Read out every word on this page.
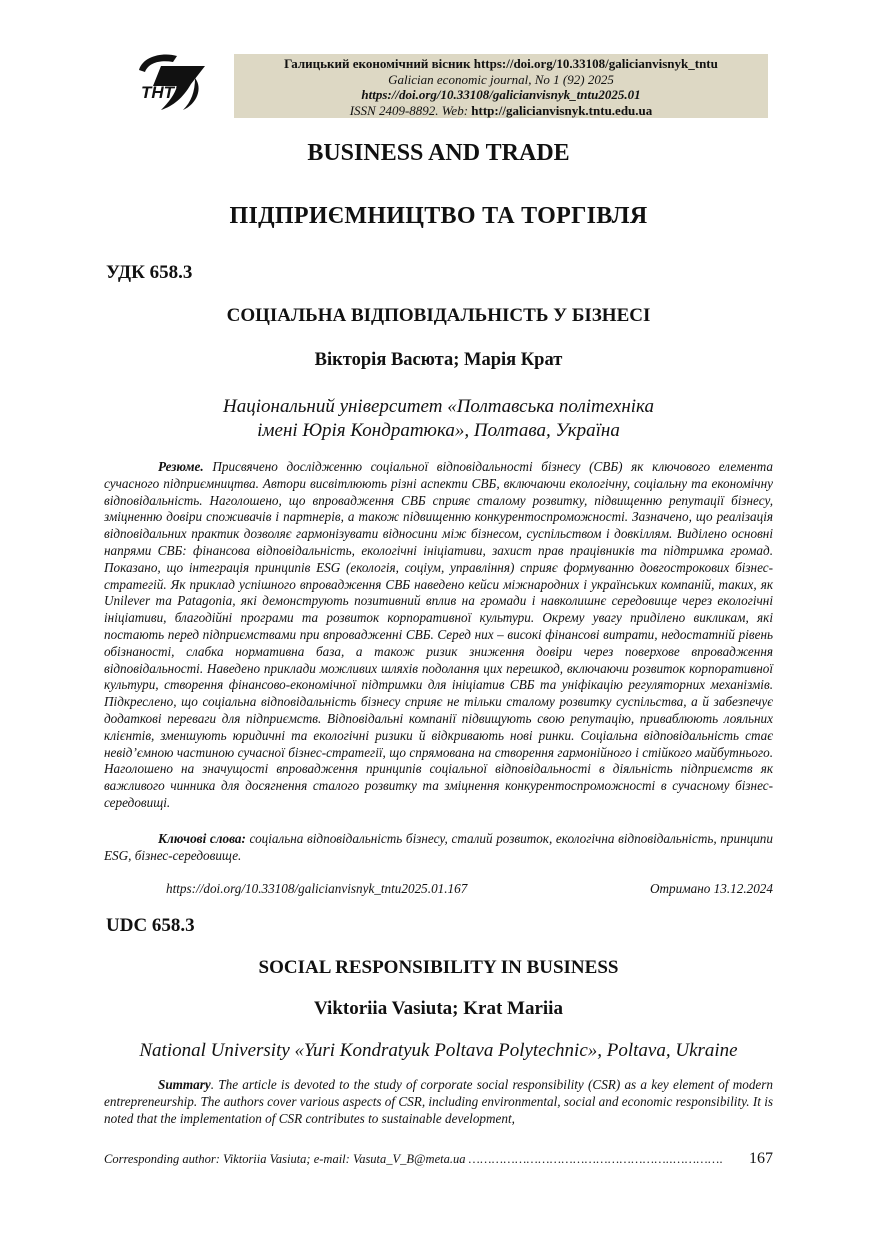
ТНТУ
Галицький економічний вісник https://doi.org/10.33108/galicianvisnyk_tntu
Galician economic journal, No 1 (92) 2025
https://doi.org/10.33108/galicianvisnyk_tntu2025.01
ISSN 2409-8892. Web: http://galicianvisnyk.tntu.edu.ua
BUSINESS AND TRADE
ПІДПРИЄМНИЦТВО ТА ТОРГІВЛЯ
УДК 658.3
СОЦІАЛЬНА ВІДПОВІДАЛЬНІСТЬ У БІЗНЕСІ
Вікторія Васюта; Марія Крат
Національний університет «Полтавська політехніка
імені Юрія Кондратюка», Полтава, Україна
Резюме. Присвячено дослідженню соціальної відповідальності бізнесу (СВБ) як ключового елемента сучасного підприємництва. Автори висвітлюють різні аспекти СВБ, включаючи екологічну, соціальну та економічну відповідальність. Наголошено, що впровадження СВБ сприяє сталому розвитку, підвищенню репутації бізнесу, зміцненню довіри споживачів і партнерів, а також підвищенню конкурентоспроможності. Зазначено, що реалізація відповідальних практик дозволяє гармонізувати відносини між бізнесом, суспільством і довкіллям. Виділено основні напрями СВБ: фінансова відповідальність, екологічні ініціативи, захист прав працівників та підтримка громад. Показано, що інтеграція принципів ESG (екологія, соціум, управління) сприяє формуванню довгострокових бізнес-стратегій. Як приклад успішного впровадження СВБ наведено кейси міжнародних і українських компаній, таких, як Unilever та Patagonia, які демонструють позитивний вплив на громади і навколишнє середовище через екологічні ініціативи, благодійні програми та розвиток корпоративної культури. Окрему увагу приділено викликам, які постають перед підприємствами при впровадженні СВБ. Серед них – високі фінансові витрати, недостатній рівень обізнаності, слабка нормативна база, а також ризик зниження довіри через поверхове впровадження відповідальності. Наведено приклади можливих шляхів подолання цих перешкод, включаючи розвиток корпоративної культури, створення фінансово-економічної підтримки для ініціатив СВБ та уніфікацію регуляторних механізмів. Підкреслено, що соціальна відповідальність бізнесу сприяє не тільки сталому розвитку суспільства, а й забезпечує додаткові переваги для підприємств. Відповідальні компанії підвищують свою репутацію, приваблюють лояльних клієнтів, зменшують юридичні та екологічні ризики й відкривають нові ринки. Соціальна відповідальність стає невід’ємною частиною сучасної бізнес-стратегії, що спрямована на створення гармонійного і стійкого майбутнього. Наголошено на значущості впровадження принципів соціальної відповідальності в діяльність підприємств як важливого чинника для досягнення сталого розвитку та зміцнення конкурентоспроможності в сучасному бізнес-середовищі.
Ключові слова: соціальна відповідальність бізнесу, сталий розвиток, екологічна відповідальність, принципи ESG, бізнес-середовище.
https://doi.org/10.33108/galicianvisnyk_tntu2025.01.167	Отримано 13.12.2024
UDC 658.3
SOCIAL RESPONSIBILITY IN BUSINESS
Viktoriia Vasiuta; Krat Mariia
National University «Yuri Kondratyuk Poltava Polytechnic», Poltava, Ukraine
Summary. The article is devoted to the study of corporate social responsibility (CSR) as a key element of modern entrepreneurship. The authors cover various aspects of CSR, including environmental, social and economic responsibility. It is noted that the implementation of CSR contributes to sustainable development,
Corresponding author: Viktoriia Vasiuta; e-mail: Vasuta_V_B@meta.ua ……………………………………………..…………. 167
